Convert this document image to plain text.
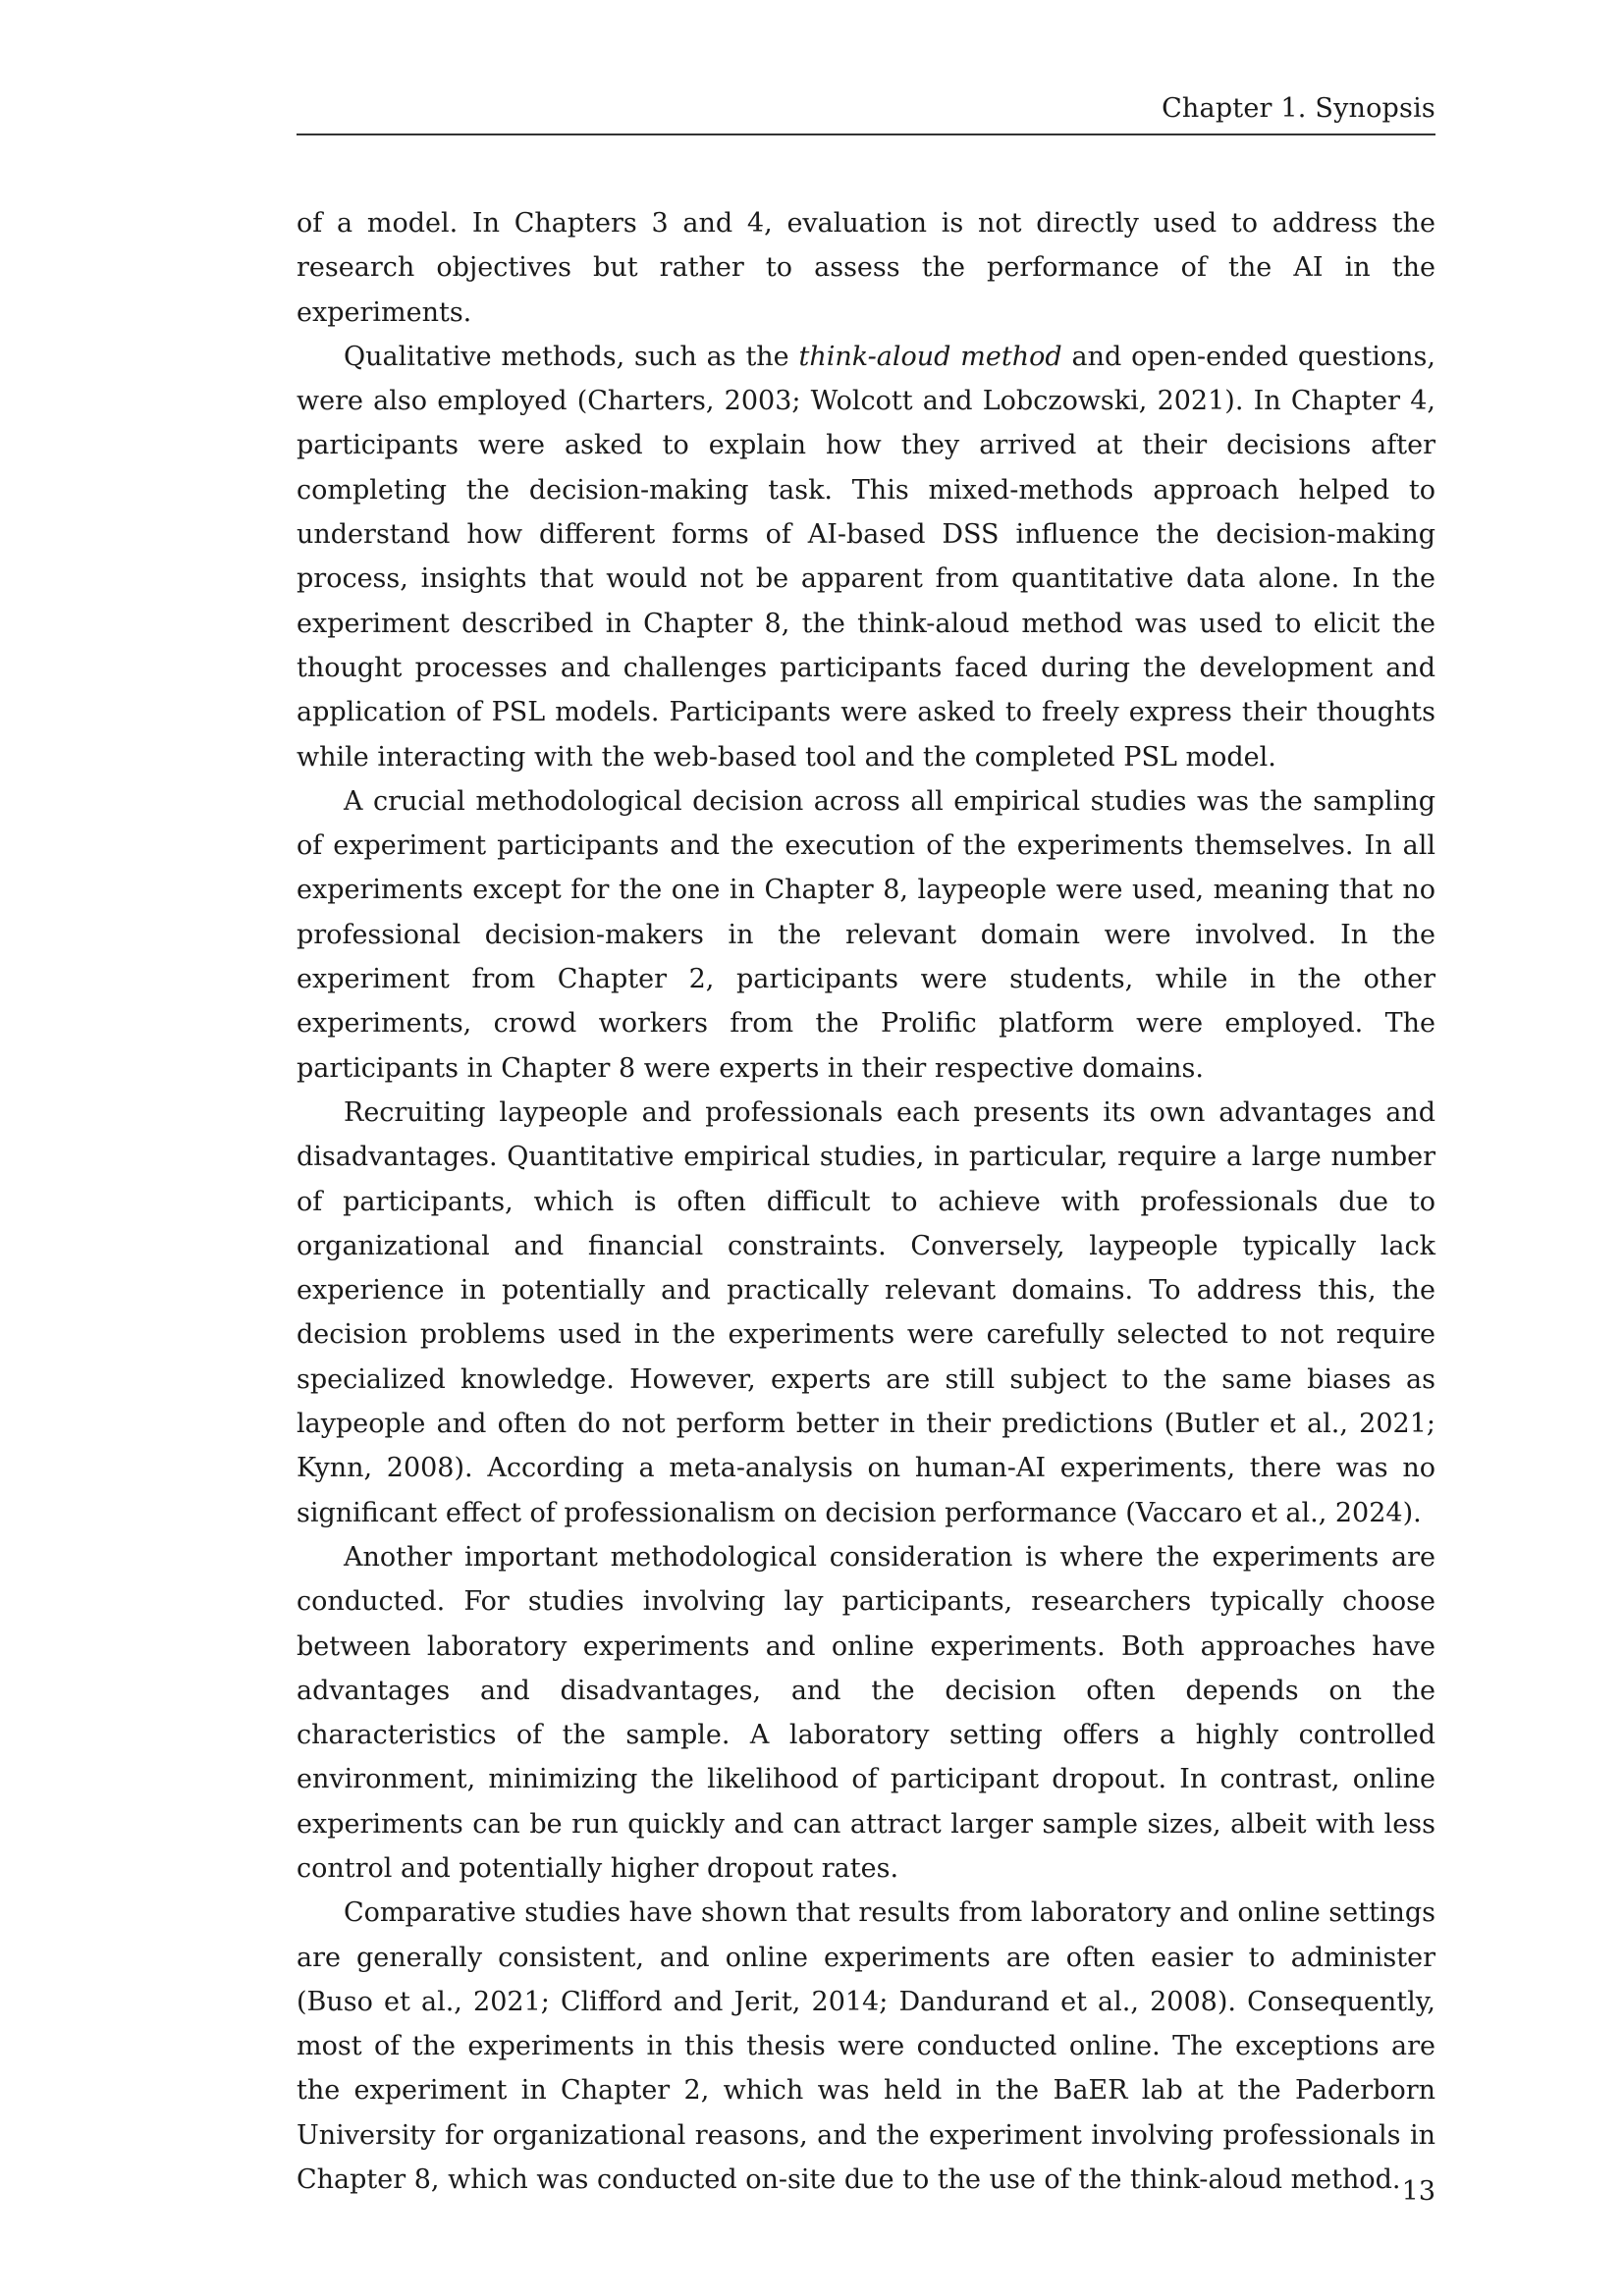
Chapter 1. Synopsis

of a model. In Chapters 3 and 4, evaluation is not directly used to address the research objectives but rather to assess the performance of the AI in the experiments.

Qualitative methods, such as the think-aloud method and open-ended questions, were also employed (Charters, 2003; Wolcott and Lobczowski, 2021). In Chapter 4, participants were asked to explain how they arrived at their decisions after completing the decision-making task. This mixed-methods approach helped to understand how different forms of AI-based DSS influence the decision-making process, insights that would not be apparent from quantitative data alone. In the experiment described in Chapter 8, the think-aloud method was used to elicit the thought processes and challenges participants faced during the development and application of PSL models. Participants were asked to freely express their thoughts while interacting with the web-based tool and the completed PSL model.

A crucial methodological decision across all empirical studies was the sampling of experiment participants and the execution of the experiments themselves. In all experiments except for the one in Chapter 8, laypeople were used, meaning that no professional decision-makers in the relevant domain were involved. In the experiment from Chapter 2, participants were students, while in the other experiments, crowd workers from the Prolific platform were employed. The participants in Chapter 8 were experts in their respective domains.

Recruiting laypeople and professionals each presents its own advantages and disadvantages. Quantitative empirical studies, in particular, require a large number of participants, which is often difficult to achieve with professionals due to organizational and financial constraints. Conversely, laypeople typically lack experience in potentially and practically relevant domains. To address this, the decision problems used in the experiments were carefully selected to not require specialized knowledge. However, experts are still subject to the same biases as laypeople and often do not perform better in their predictions (Butler et al., 2021; Kynn, 2008). According a meta-analysis on human-AI experiments, there was no significant effect of professionalism on decision performance (Vaccaro et al., 2024).

Another important methodological consideration is where the experiments are conducted. For studies involving lay participants, researchers typically choose between laboratory experiments and online experiments. Both approaches have advantages and disadvantages, and the decision often depends on the characteristics of the sample. A laboratory setting offers a highly controlled environment, minimizing the likelihood of participant dropout. In contrast, online experiments can be run quickly and can attract larger sample sizes, albeit with less control and potentially higher dropout rates.

Comparative studies have shown that results from laboratory and online settings are generally consistent, and online experiments are often easier to administer (Buso et al., 2021; Clifford and Jerit, 2014; Dandurand et al., 2008). Consequently, most of the experiments in this thesis were conducted online. The exceptions are the experiment in Chapter 2, which was held in the BaER lab at the Paderborn University for organizational reasons, and the experiment involving professionals in Chapter 8, which was conducted on-site due to the use of the think-aloud method. 13
